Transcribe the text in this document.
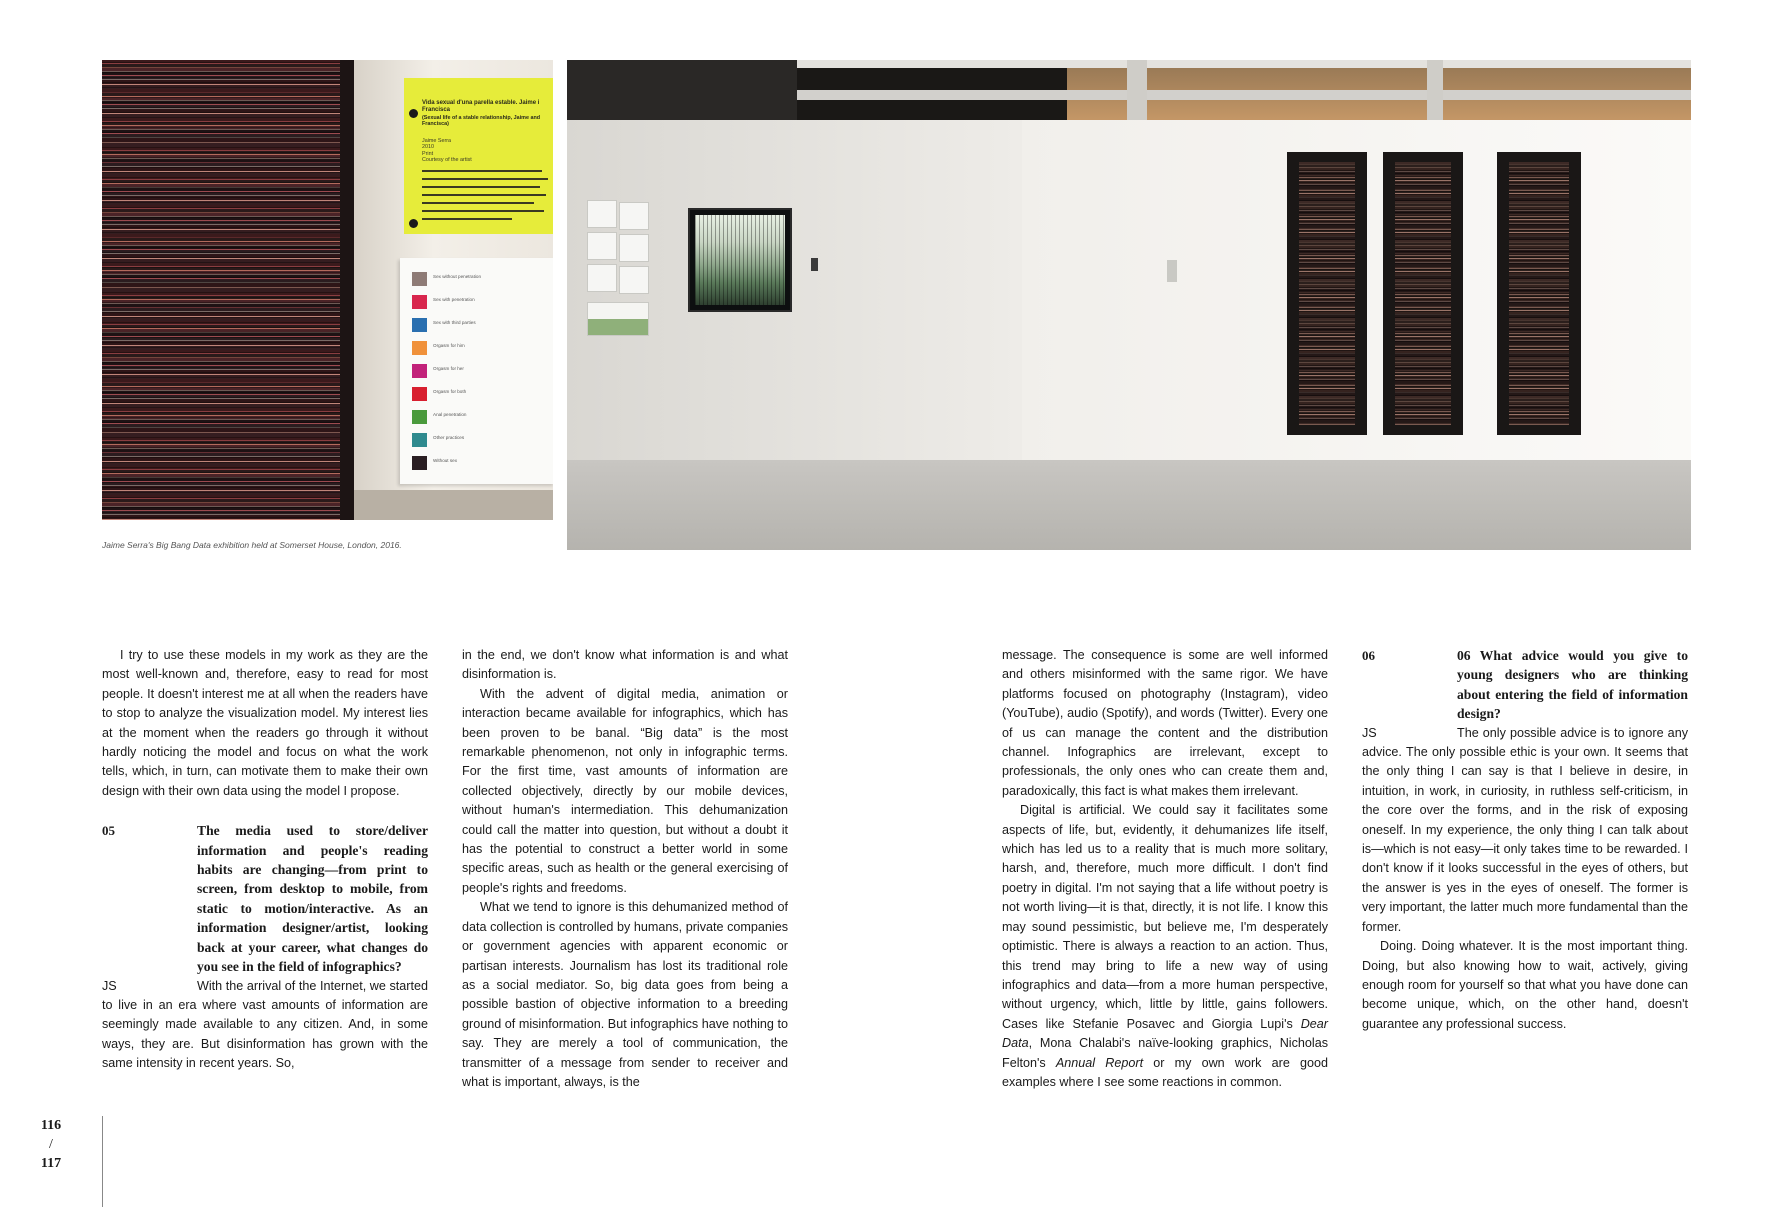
Vida sexual d'una parella estable. Jaime i Francisca
(Sexual life of a stable relationship, Jaime and Francisca)
Jaime Serra
2010
Print
Courtesy of the artist
Sex without penetration
Sex with penetration
Sex with third parties
Orgasm for him
Orgasm for her
Orgasm for both
Anal penetration
Other practices
Without sex
Jaime Serra's Big Bang Data exhibition held at Somerset House, London, 2016.

I try to use these models in my work as they are the most well-known and, therefore, easy to read for most people. It doesn't interest me at all when the readers have to stop to analyze the visualization model. My interest lies at the moment when the readers go through it without hardly noticing the model and focus on what the work tells, which, in turn, can motivate them to make their own design with their own data using the model I propose.

05	The media used to store/deliver information and people's reading habits are changing—from print to screen, from desktop to mobile, from static to motion/interactive. As an information designer/artist, looking back at your career, what changes do you see in the field of infographics?

JS	With the arrival of the Internet, we started to live in an era where vast amounts of information are seemingly made available to any citizen. And, in some ways, they are. But disinformation has grown with the same intensity in recent years. So,

in the end, we don't know what information is and what disinformation is.

With the advent of digital media, animation or interaction became available for infographics, which has been proven to be banal. “Big data” is the most remarkable phenomenon, not only in infographic terms. For the first time, vast amounts of information are collected objectively, directly by our mobile devices, without human's intermediation. This dehumanization could call the matter into question, but without a doubt it has the potential to construct a better world in some specific areas, such as health or the general exercising of people's rights and freedoms.

What we tend to ignore is this dehumanized method of data collection is controlled by humans, private companies or government agencies with apparent economic or partisan interests. Journalism has lost its traditional role as a social mediator. So, big data goes from being a possible bastion of objective information to a breeding ground of misinformation. But infographics have nothing to say. They are merely a tool of communication, the transmitter of a message from sender to receiver and what is important, always, is the

message. The consequence is some are well informed and others misinformed with the same rigor. We have platforms focused on photography (Instagram), video (YouTube), audio (Spotify), and words (Twitter). Every one of us can manage the content and the distribution channel. Infographics are irrelevant, except to professionals, the only ones who can create them and, paradoxically, this fact is what makes them irrelevant.

Digital is artificial. We could say it facilitates some aspects of life, but, evidently, it dehumanizes life itself, which has led us to a reality that is much more solitary, harsh, and, therefore, much more difficult. I don't find poetry in digital. I'm not saying that a life without poetry is not worth living—it is that, directly, it is not life. I know this may sound pessimistic, but believe me, I'm desperately optimistic. There is always a reaction to an action. Thus, this trend may bring to life a new way of using infographics and data—from a more human perspective, without urgency, which, little by little, gains followers. Cases like Stefanie Posavec and Giorgia Lupi's Dear Data, Mona Chalabi's naïve-looking graphics, Nicholas Felton's Annual Report or my own work are good examples where I see some reactions in common.

06	06 What advice would you give to young designers who are thinking about entering the field of information design?

JS	The only possible advice is to ignore any advice. The only possible ethic is your own. It seems that the only thing I can say is that I believe in desire, in intuition, in work, in curiosity, in ruthless self-criticism, in the core over the forms, and in the risk of exposing oneself. In my experience, the only thing I can talk about is—which is not easy—it only takes time to be rewarded. I don't know if it looks successful in the eyes of others, but the answer is yes in the eyes of oneself. The former is very important, the latter much more fundamental than the former.

Doing. Doing whatever. It is the most important thing. Doing, but also knowing how to wait, actively, giving enough room for yourself so that what you have done can become unique, which, on the other hand, doesn't guarantee any professional success.

116
/
117
